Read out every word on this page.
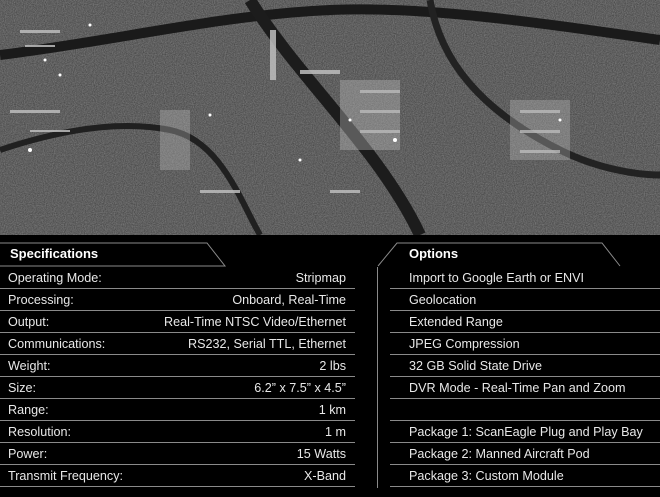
Specifications	Options
Operating Mode:	Stripmap
Processing:	Onboard, Real-Time
Output:	Real-Time NTSC Video/Ethernet
Communications:	RS232, Serial TTL, Ethernet
Weight:	2 lbs
Size:	6.2” x 7.5” x 4.5”
Range:	1 km
Resolution:	1 m
Power:	15 Watts
Transmit Frequency:	X-Band
Import to Google Earth or ENVI
Geolocation
Extended Range
JPEG Compression
32 GB Solid State Drive
DVR Mode - Real-Time Pan and Zoom

Package 1: ScanEagle Plug and Play Bay
Package 2: Manned Aircraft Pod
Package 3: Custom Module
